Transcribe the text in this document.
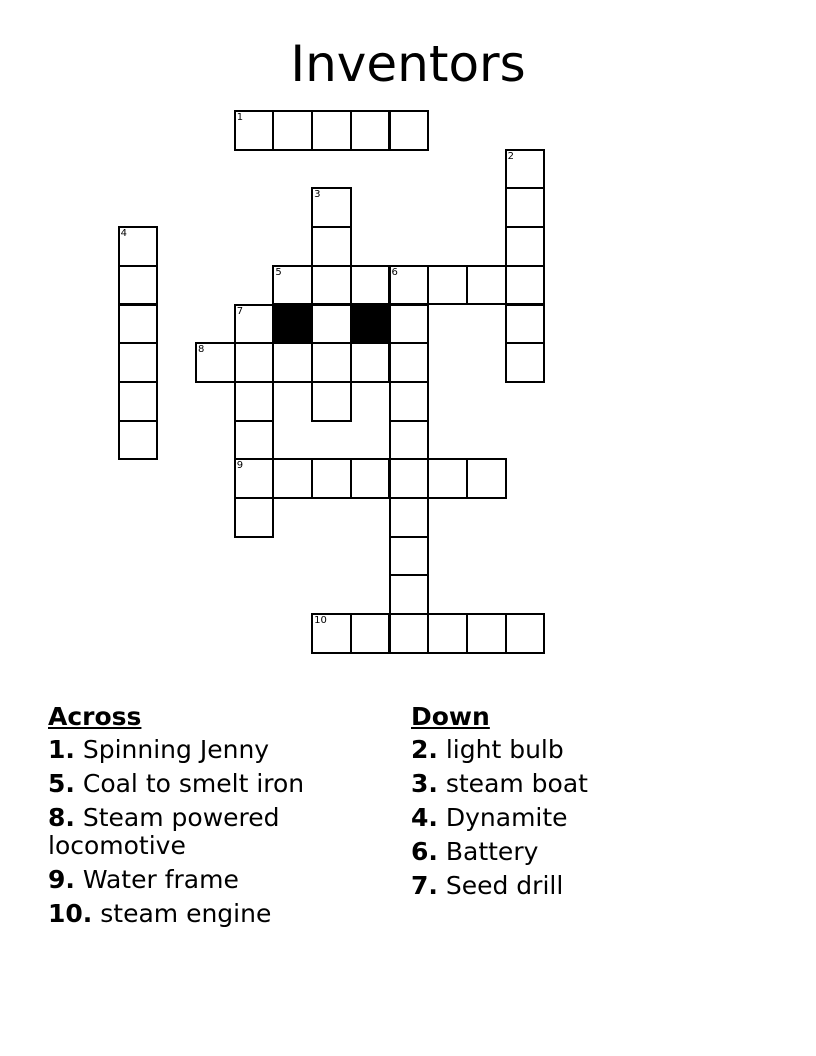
Inventors
1
2
3
4
5	6
7
8
9
10
Across
1. Spinning Jenny
5. Coal to smelt iron
8. Steam powered locomotive
9. Water frame
10. steam engine
Down
2. light bulb
3. steam boat
4. Dynamite
6. Battery
7. Seed drill
